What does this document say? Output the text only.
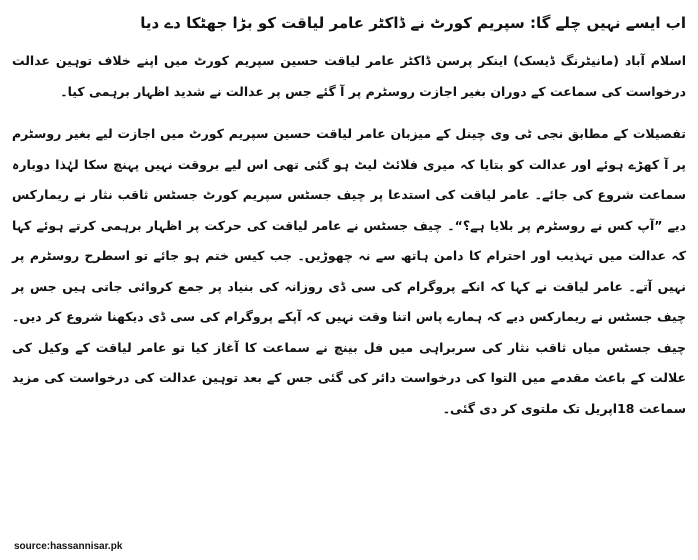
اب ایسے نہیں چلے گا: سپریم کورٹ نے ڈاکٹر عامر لیاقت کو بڑا جھٹکا دے دیا

اسلام آباد (مانیٹرنگ ڈیسک) اینکر پرسن ڈاکٹر عامر لیاقت حسین سپریم کورٹ میں اپنے خلاف توہین عدالت درخواست کی سماعت کے دوران بغیر اجازت روسٹرم پر آ گئے جس پر عدالت نے شدید اظہار برہمی کیا۔

تفصیلات کے مطابق نجی ٹی وی چینل کے میزبان عامر لیاقت حسین سپریم کورٹ میں اجازت لیے بغیر روسٹرم پر آ کھڑے ہوئے اور عدالت کو بتایا کہ میری فلائٹ لیٹ ہو گئی تھی اس لیے بروقت نہیں پہنچ سکا لہٰذا دوبارہ سماعت شروع کی جائے۔ عامر لیاقت کی استدعا پر چیف جسٹس سپریم کورٹ جسٹس ثاقب نثار نے ریمارکس دیے ”آپ کس نے روسٹرم پر بلایا ہے؟“۔ چیف جسٹس نے عامر لیاقت کی حرکت پر اظہار برہمی کرتے ہوئے کہا کہ عدالت میں تہذیب اور احترام کا دامن ہاتھ سے نہ چھوڑیں۔ جب کیس ختم ہو جائے تو اسطرح روسٹرم پر نہیں آتے۔ عامر لیاقت نے کہا کہ انکے پروگرام کی سی ڈی روزانہ کی بنیاد پر جمع کروائی جاتی ہیں جس پر چیف جسٹس نے ریمارکس دیے کہ ہمارے پاس اتنا وقت نہیں کہ آپکے پروگرام کی سی ڈی دیکھنا شروع کر دیں۔ چیف جسٹس میاں ثاقب نثار کی سربراہی میں فل بینچ نے سماعت کا آغاز کیا تو عامر لیاقت کے وکیل کی علالت کے باعث مقدمے میں التوا کی درخواست دائر کی گئی جس کے بعد توہین عدالت کی درخواست کی مزید سماعت 18اپریل تک ملتوی کر دی گئی۔

source:hassannisar.pk
